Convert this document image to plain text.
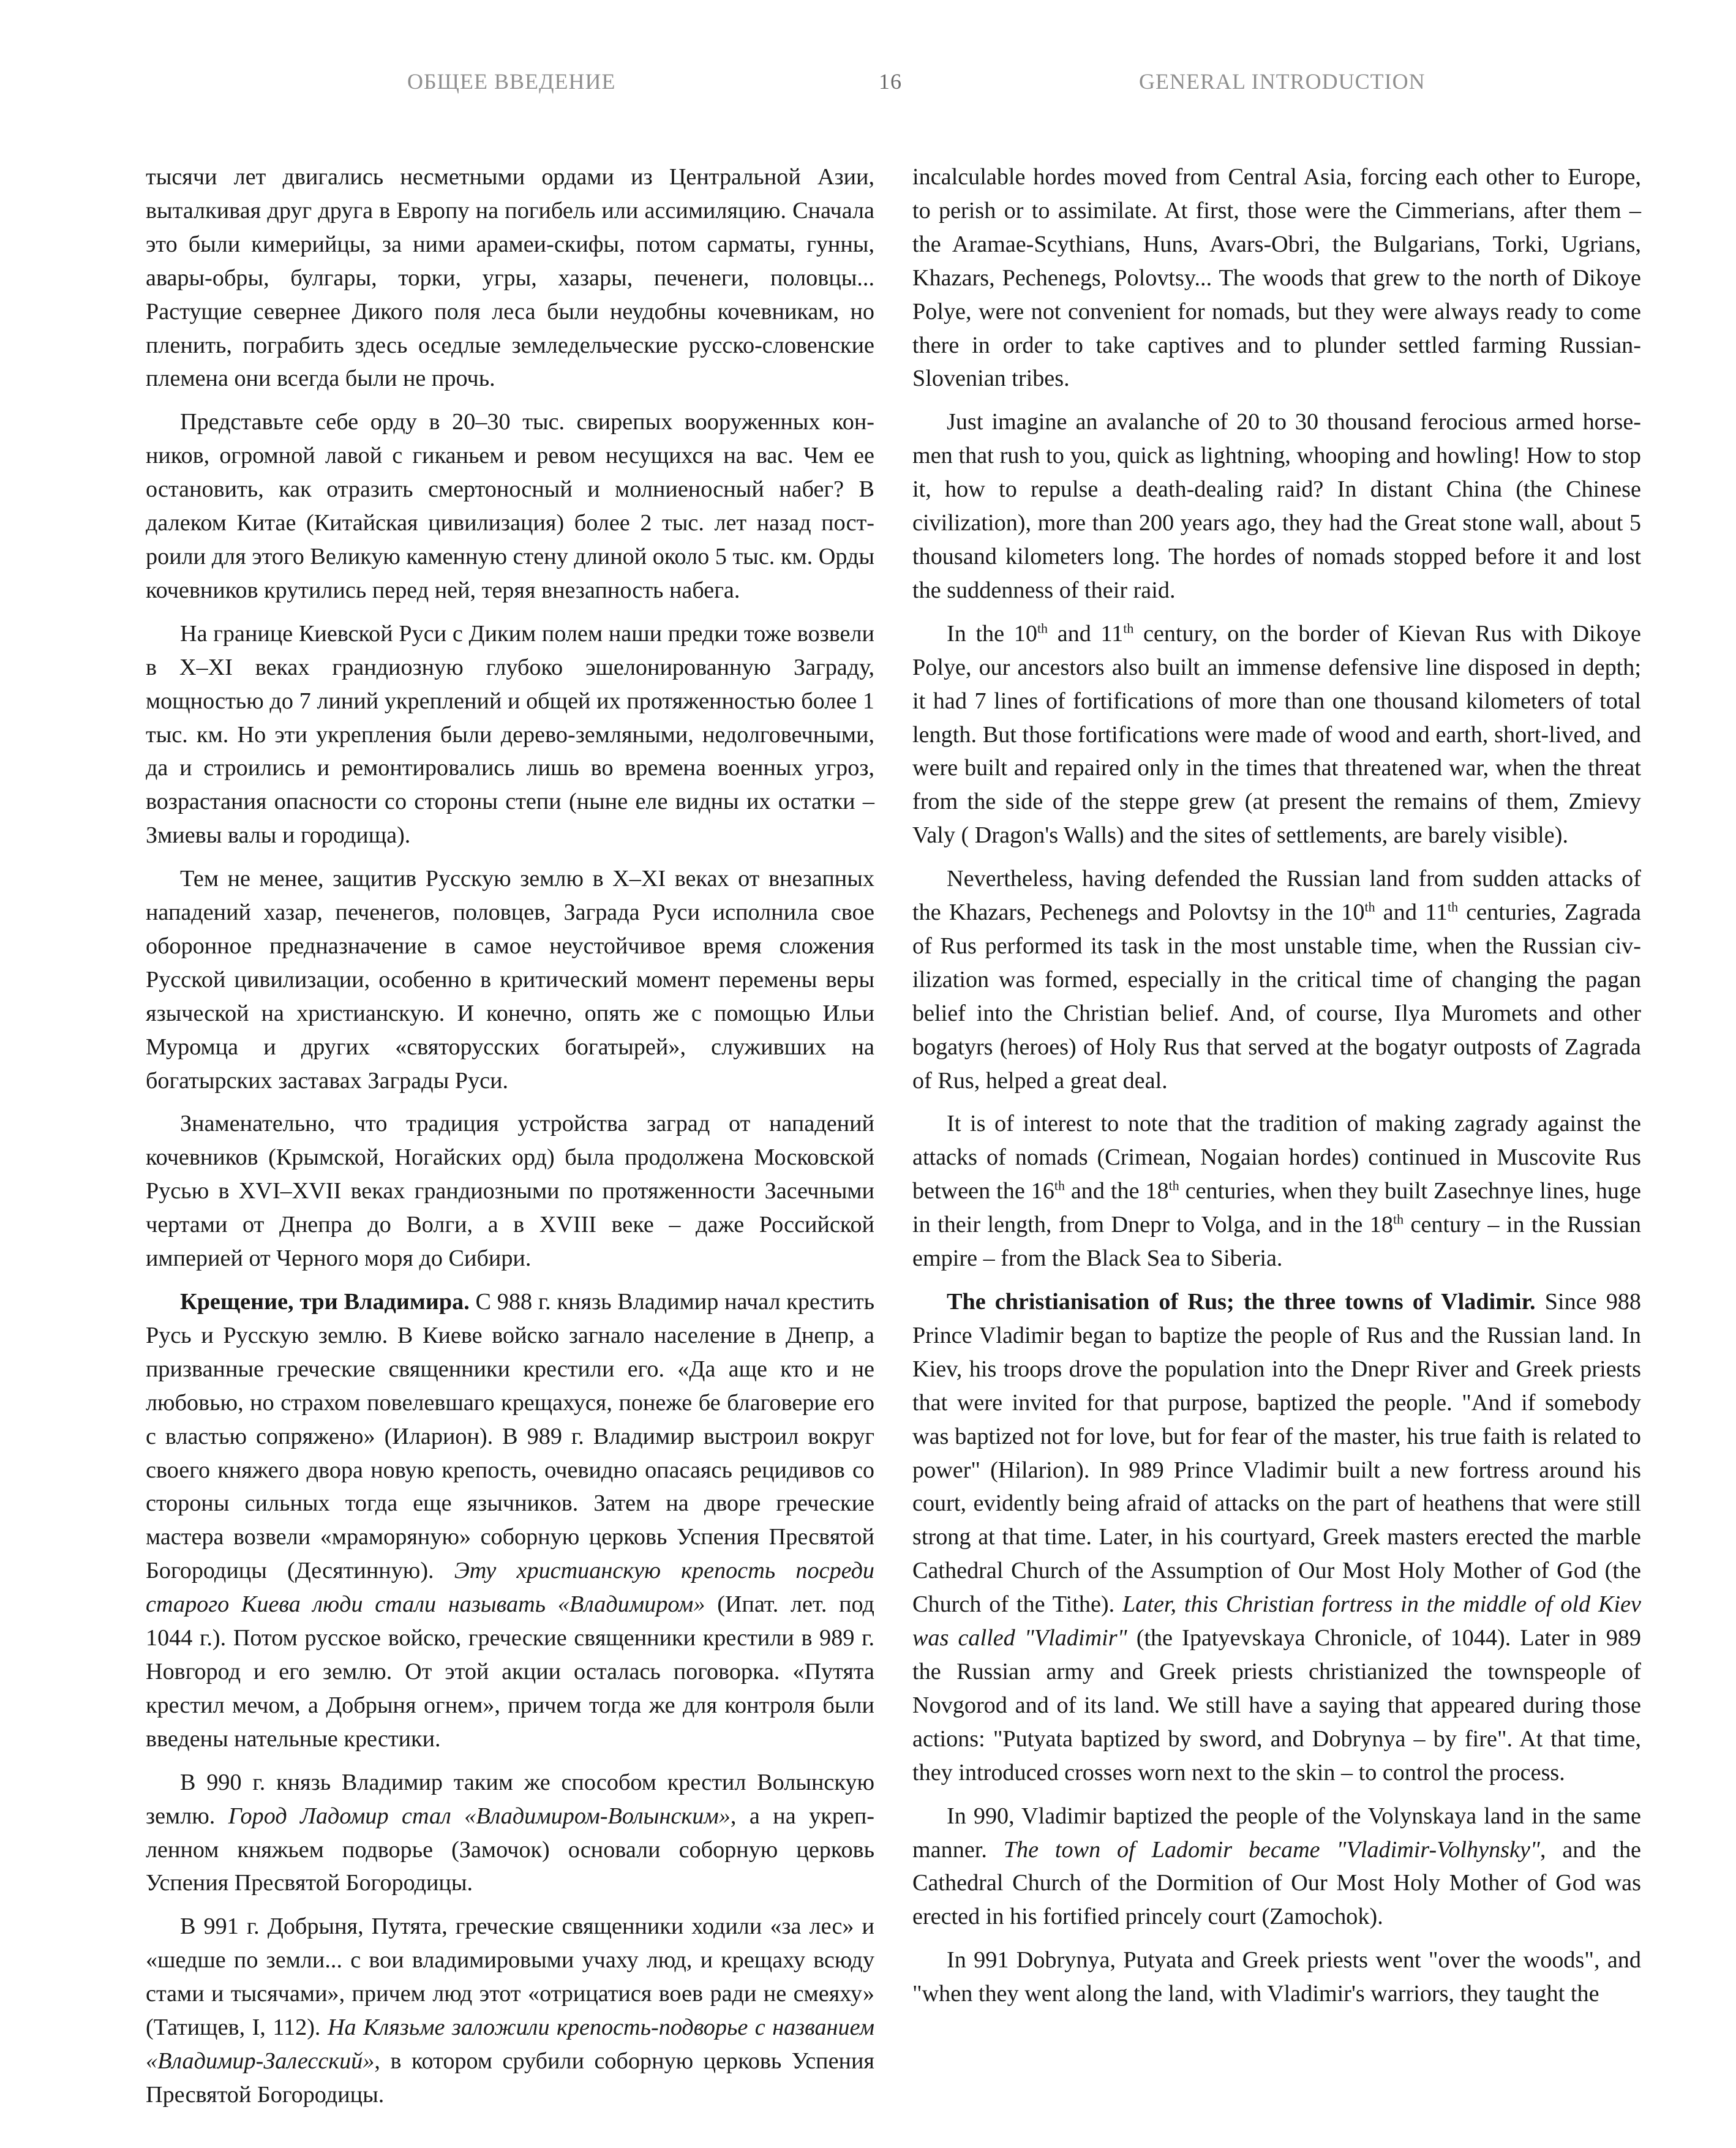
ОБЩЕЕ ВВЕДЕНИЕ	16	GENERAL INTRODUCTION

тысячи лет двигались несметными ордами из Центральной Азии, выталкивая друг друга в Европу на погибель или ассимиляцию. Сначала это были кимерийцы, за ними арамеи-скифы, потом сарматы, гунны, авары-обры, булгары, торки, угры, хазары, печенеги, половцы... Растущие севернее Дикого поля леса были неудобны кочевникам, но пленить, пограбить здесь оседлые земледельческие русско-словенские племена они всегда были не прочь.

Представьте себе орду в 20–30 тыс. свирепых вооруженных конников, огромной лавой с гиканьем и ревом несущихся на вас. Чем ее остановить, как отразить смертоносный и молниеносный набег? В далеком Китае (Китайская цивилизация) более 2 тыс. лет назад построили для этого Великую каменную стену длиной около 5 тыс. км. Орды кочевников крутились перед ней, теряя внезапность набега.

На границе Киевской Руси с Диким полем наши предки тоже возвели в X–XI веках грандиозную глубоко эшелонированную Заграду, мощностью до 7 линий укреплений и общей их протяженностью более 1 тыс. км. Но эти укрепления были дерево-земляными, недолговечными, да и строились и ремонтировались лишь во времена военных угроз, возрастания опасности со стороны степи (ныне еле видны их остатки – Змиевы валы и городища).

Тем не менее, защитив Русскую землю в X–XI веках от внезапных нападений хазар, печенегов, половцев, Заграда Руси исполнила свое оборонное предназначение в самое неустойчивое время сложения Русской цивилизации, особенно в критический момент перемены веры языческой на христианскую. И конечно, опять же с помощью Ильи Муромца и других «святорусских богатырей», служивших на богатырских заставах Заграды Руси.

Знаменательно, что традиция устройства заград от нападений кочевников (Крымской, Ногайских орд) была продолжена Московской Русью в XVI–XVII веках грандиозными по протяженности Засечными чертами от Днепра до Волги, а в XVIII веке – даже Российской империей от Черного моря до Сибири.

Крещение, три Владимира. С 988 г. князь Владимир начал крестить Русь и Русскую землю. В Киеве войско загнало население в Днепр, а призванные греческие священники крестили его. «Да аще кто и не любовью, но страхом повелевшаго крещахуся, понеже бе благоверие его с властью сопряжено» (Иларион). В 989 г. Владимир выстроил вокруг своего княжего двора новую крепость, очевидно опасаясь рецидивов со стороны сильных тогда еще язычников. Затем на дворе греческие мастера возвели «мраморяную» соборную церковь Успения Пресвятой Богородицы (Десятинную). Эту христианскую крепость посреди старого Киева люди стали называть «Владимиром» (Ипат. лет. под 1044 г.). Потом русское войско, греческие священники крестили в 989 г. Новгород и его землю. От этой акции осталась поговорка. «Путята крестил мечом, а Добрыня огнем», причем тогда же для контроля были введены нательные крестики.

В 990 г. князь Владимир таким же способом крестил Волынскую землю. Город Ладомир стал «Владимиром-Волынским», а на укрепленном княжьем подворье (Замочок) основали соборную церковь Успения Пресвятой Богородицы.

В 991 г. Добрыня, Путята, греческие священники ходили «за лес» и «шедше по земли... с вои владимировыми учаху люд, и крещаху всюду стами и тысячами», причем люд этот «отрицатися воев ради не смеяху» (Татищев, I, 112). На Клязьме заложили крепость-подворье с названием «Владимир-Залесский», в котором срубили соборную церковь Успения Пресвятой Богородицы.

incalculable hordes moved from Central Asia, forcing each other to Europe, to perish or to assimilate. At first, those were the Cimmerians, after them – the Aramae-Scythians, Huns, Avars-Obri, the Bulgarians, Torki, Ugrians, Khazars, Pechenegs, Polovtsy... The woods that grew to the north of Dikoye Polye, were not convenient for nomads, but they were always ready to come there in order to take captives and to plunder settled farming Russian-Slovenian tribes.

Just imagine an avalanche of 20 to 30 thousand ferocious armed horsemen that rush to you, quick as lightning, whooping and howling! How to stop it, how to repulse a death-dealing raid? In distant China (the Chinese civilization), more than 200 years ago, they had the Great stone wall, about 5 thousand kilometers long. The hordes of nomads stopped before it and lost the suddenness of their raid.

In the 10th and 11th century, on the border of Kievan Rus with Dikoye Polye, our ancestors also built an immense defensive line disposed in depth; it had 7 lines of fortifications of more than one thousand kilometers of total length. But those fortifications were made of wood and earth, short-lived, and were built and repaired only in the times that threatened war, when the threat from the side of the steppe grew (at present the remains of them, Zmievy Valy ( Dragon's Walls) and the sites of settlements, are barely visible).

Nevertheless, having defended the Russian land from sudden attacks of the Khazars, Pechenegs and Polovtsy in the 10th and 11th centuries, Zagrada of Rus performed its task in the most unstable time, when the Russian civilization was formed, especially in the critical time of changing the pagan belief into the Christian belief. And, of course, Ilya Muromets and other bogatyrs (heroes) of Holy Rus that served at the bogatyr outposts of Zagrada of Rus, helped a great deal.

It is of interest to note that the tradition of making zagrady against the attacks of nomads (Crimean, Nogaian hordes) continued in Muscovite Rus between the 16th and the 18th centuries, when they built Zasechnye lines, huge in their length, from Dnepr to Volga, and in the 18th century – in the Russian empire – from the Black Sea to Siberia.

The christianisation of Rus; the three towns of Vladimir. Since 988 Prince Vladimir began to baptize the people of Rus and the Russian land. In Kiev, his troops drove the population into the Dnepr River and Greek priests that were invited for that purpose, baptized the people. "And if somebody was baptized not for love, but for fear of the master, his true faith is related to power" (Hilarion). In 989 Prince Vladimir built a new fortress around his court, evidently being afraid of attacks on the part of heathens that were still strong at that time. Later, in his courtyard, Greek masters erected the marble Cathedral Church of the Assumption of Our Most Holy Mother of God (the Church of the Tithe). Later, this Christian fortress in the middle of old Kiev was called "Vladimir" (the Ipatyevskaya Chronicle, of 1044). Later in 989 the Russian army and Greek priests christianized the townspeople of Novgorod and of its land. We still have a saying that appeared during those actions: "Putyata baptized by sword, and Dobrynya – by fire". At that time, they introduced crosses worn next to the skin – to control the process.

In 990, Vladimir baptized the people of the Volynskaya land in the same manner. The town of Ladomir became "Vladimir-Volhynsky", and the Cathedral Church of the Dormition of Our Most Holy Mother of God was erected in his fortified princely court (Zamochok).

In 991 Dobrynya, Putyata and Greek priests went "over the woods", and "when they went along the land, with Vladimir's warriors, they taught the
